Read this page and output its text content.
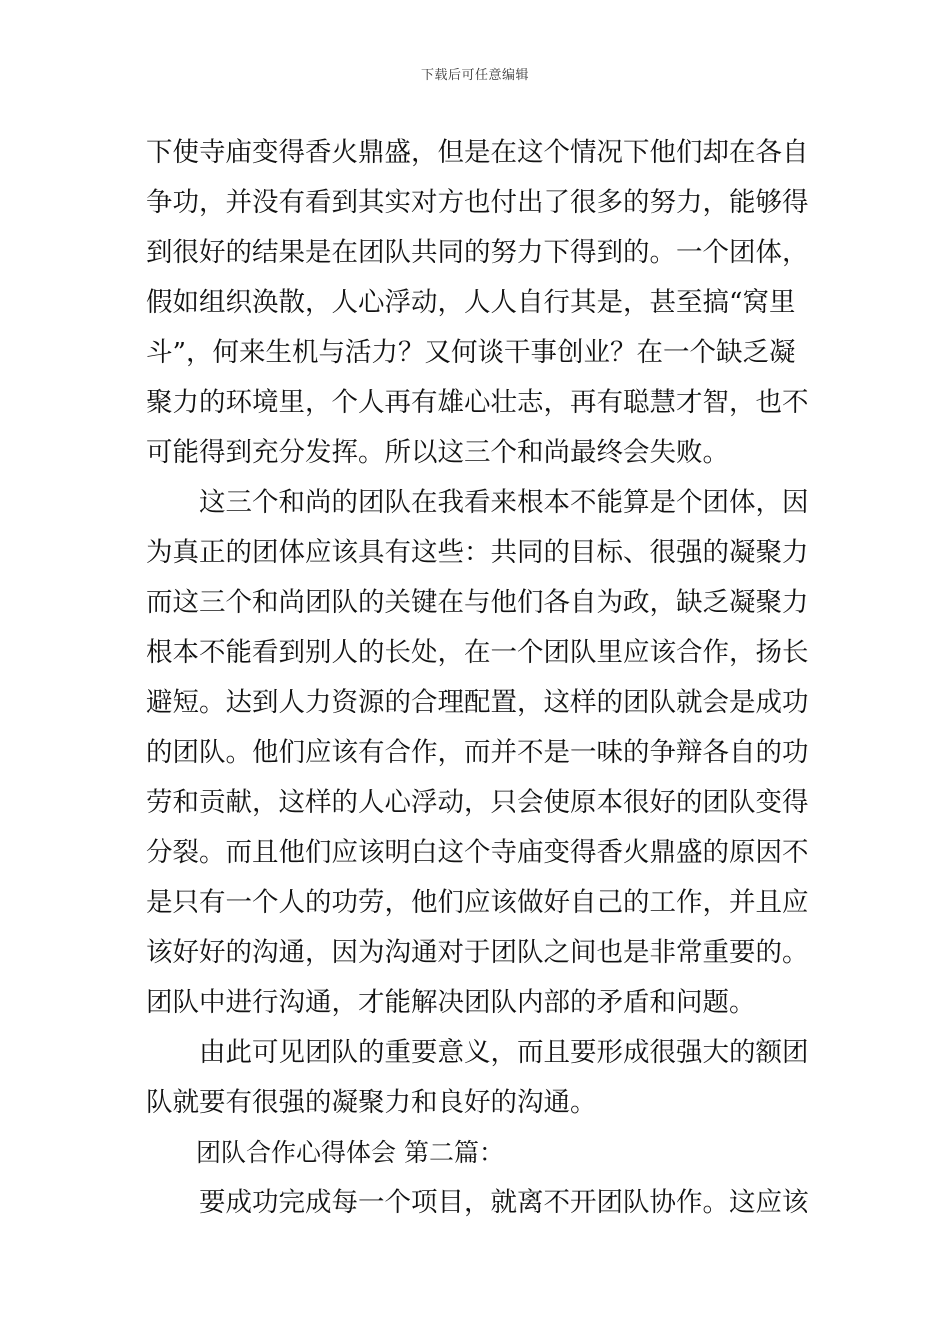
下载后可任意编辑
下使寺庙变得香火鼎盛，但是在这个情况下他们却在各自
争功，并没有看到其实对方也付出了很多的努力，能够得
到很好的结果是在团队共同的努力下得到的。一个团体，
假如组织涣散，人心浮动，人人自行其是，甚至搞“窝里
斗”，何来生机与活力？又何谈干事创业？在一个缺乏凝
聚力的环境里，个人再有雄心壮志，再有聪慧才智，也不
可能得到充分发挥。所以这三个和尚最终会失败。
这三个和尚的团队在我看来根本不能算是个团体，因
为真正的团体应该具有这些：共同的目标、很强的凝聚力
而这三个和尚团队的关键在与他们各自为政，缺乏凝聚力
根本不能看到别人的长处，在一个团队里应该合作，扬长
避短。达到人力资源的合理配置，这样的团队就会是成功
的团队。他们应该有合作，而并不是一味的争辩各自的功
劳和贡献，这样的人心浮动，只会使原本很好的团队变得
分裂。而且他们应该明白这个寺庙变得香火鼎盛的原因不
是只有一个人的功劳，他们应该做好自己的工作，并且应
该好好的沟通，因为沟通对于团队之间也是非常重要的。
团队中进行沟通，才能解决团队内部的矛盾和问题。
由此可见团队的重要意义，而且要形成很强大的额团
队就要有很强的凝聚力和良好的沟通。
团队合作心得体会 第二篇：
要成功完成每一个项目，就离不开团队协作。这应该
